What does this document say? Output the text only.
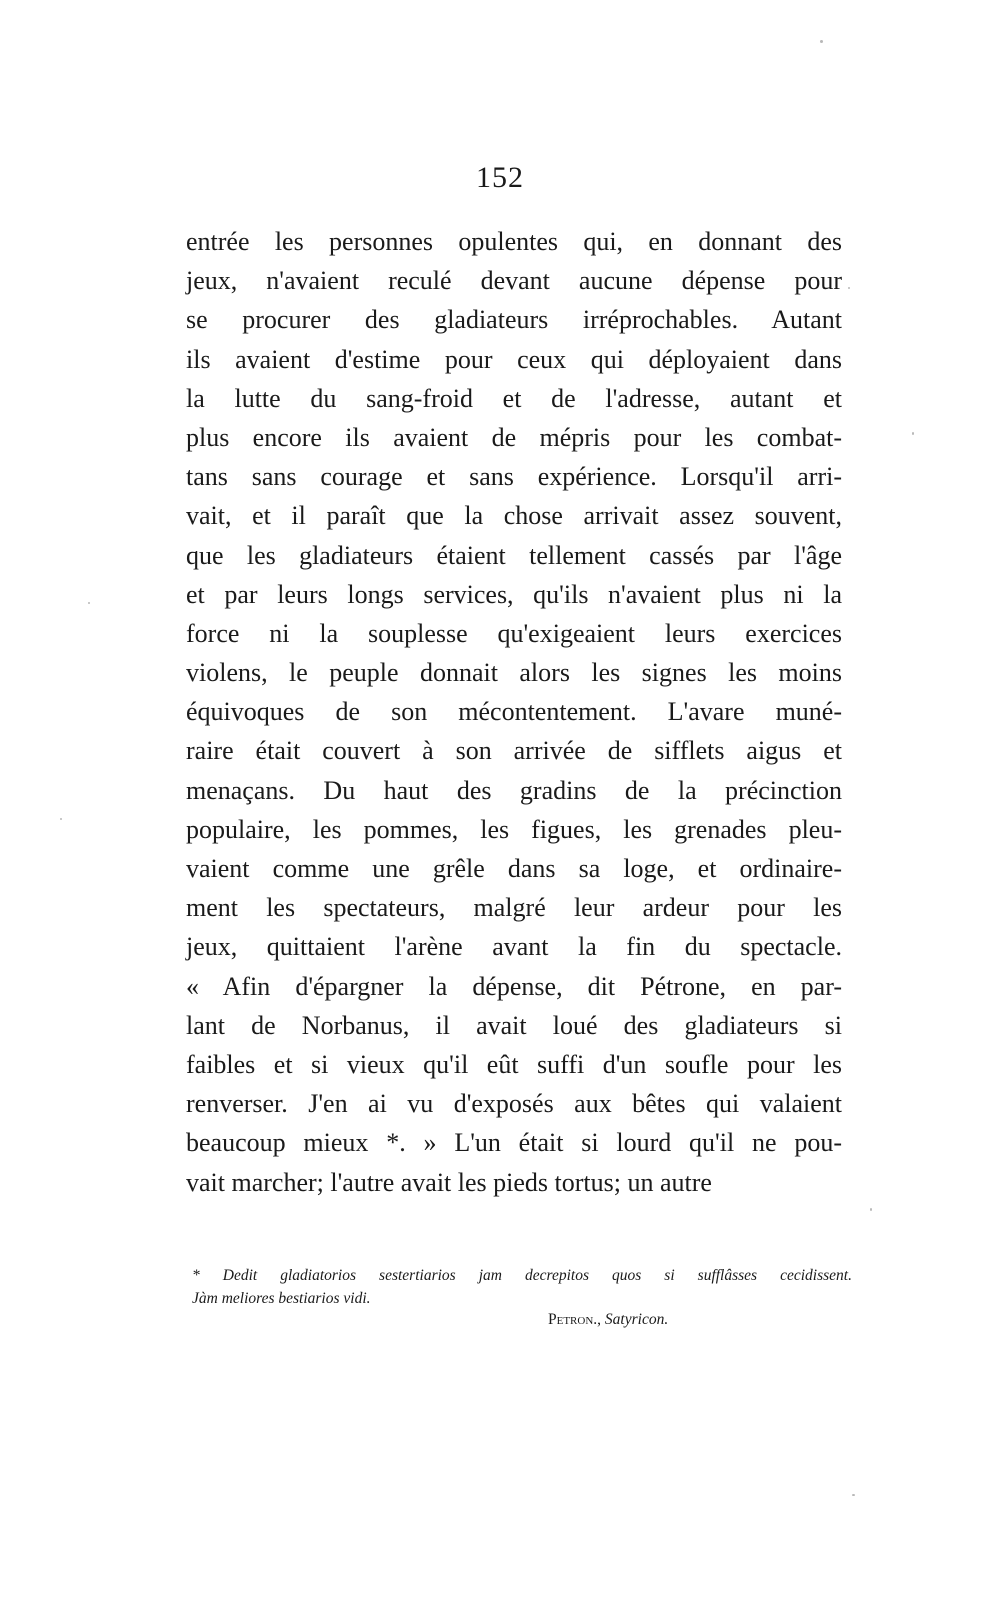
152
entrée les personnes opulentes qui, en donnant des
jeux, n'avaient reculé devant aucune dépense pour
se procurer des gladiateurs irréprochables. Autant
ils avaient d'estime pour ceux qui déployaient dans
la lutte du sang-froid et de l'adresse, autant et
plus encore ils avaient de mépris pour les combat-
tans sans courage et sans expérience. Lorsqu'il arri-
vait, et il paraît que la chose arrivait assez souvent,
que les gladiateurs étaient tellement cassés par l'âge
et par leurs longs services, qu'ils n'avaient plus ni la
force ni la souplesse qu'exigeaient leurs exercices
violens, le peuple donnait alors les signes les moins
équivoques de son mécontentement. L'avare muné-
raire était couvert à son arrivée de sifflets aigus et
menaçans. Du haut des gradins de la précinction
populaire, les pommes, les figues, les grenades pleu-
vaient comme une grêle dans sa loge, et ordinaire-
ment les spectateurs, malgré leur ardeur pour les
jeux, quittaient l'arène avant la fin du spectacle.
« Afin d'épargner la dépense, dit Pétrone, en par-
lant de Norbanus, il avait loué des gladiateurs si
faibles et si vieux qu'il eût suffi d'un soufle pour les
renverser. J'en ai vu d'exposés aux bêtes qui valaient
beaucoup mieux *. » L'un était si lourd qu'il ne pou-
vait marcher; l'autre avait les pieds tortus; un autre
* Dedit gladiatorios sestertiarios jam decrepitos quos si sufflâsses cecidissent.
Jàm meliores bestiarios vidi.
Petron., Satyricon.
